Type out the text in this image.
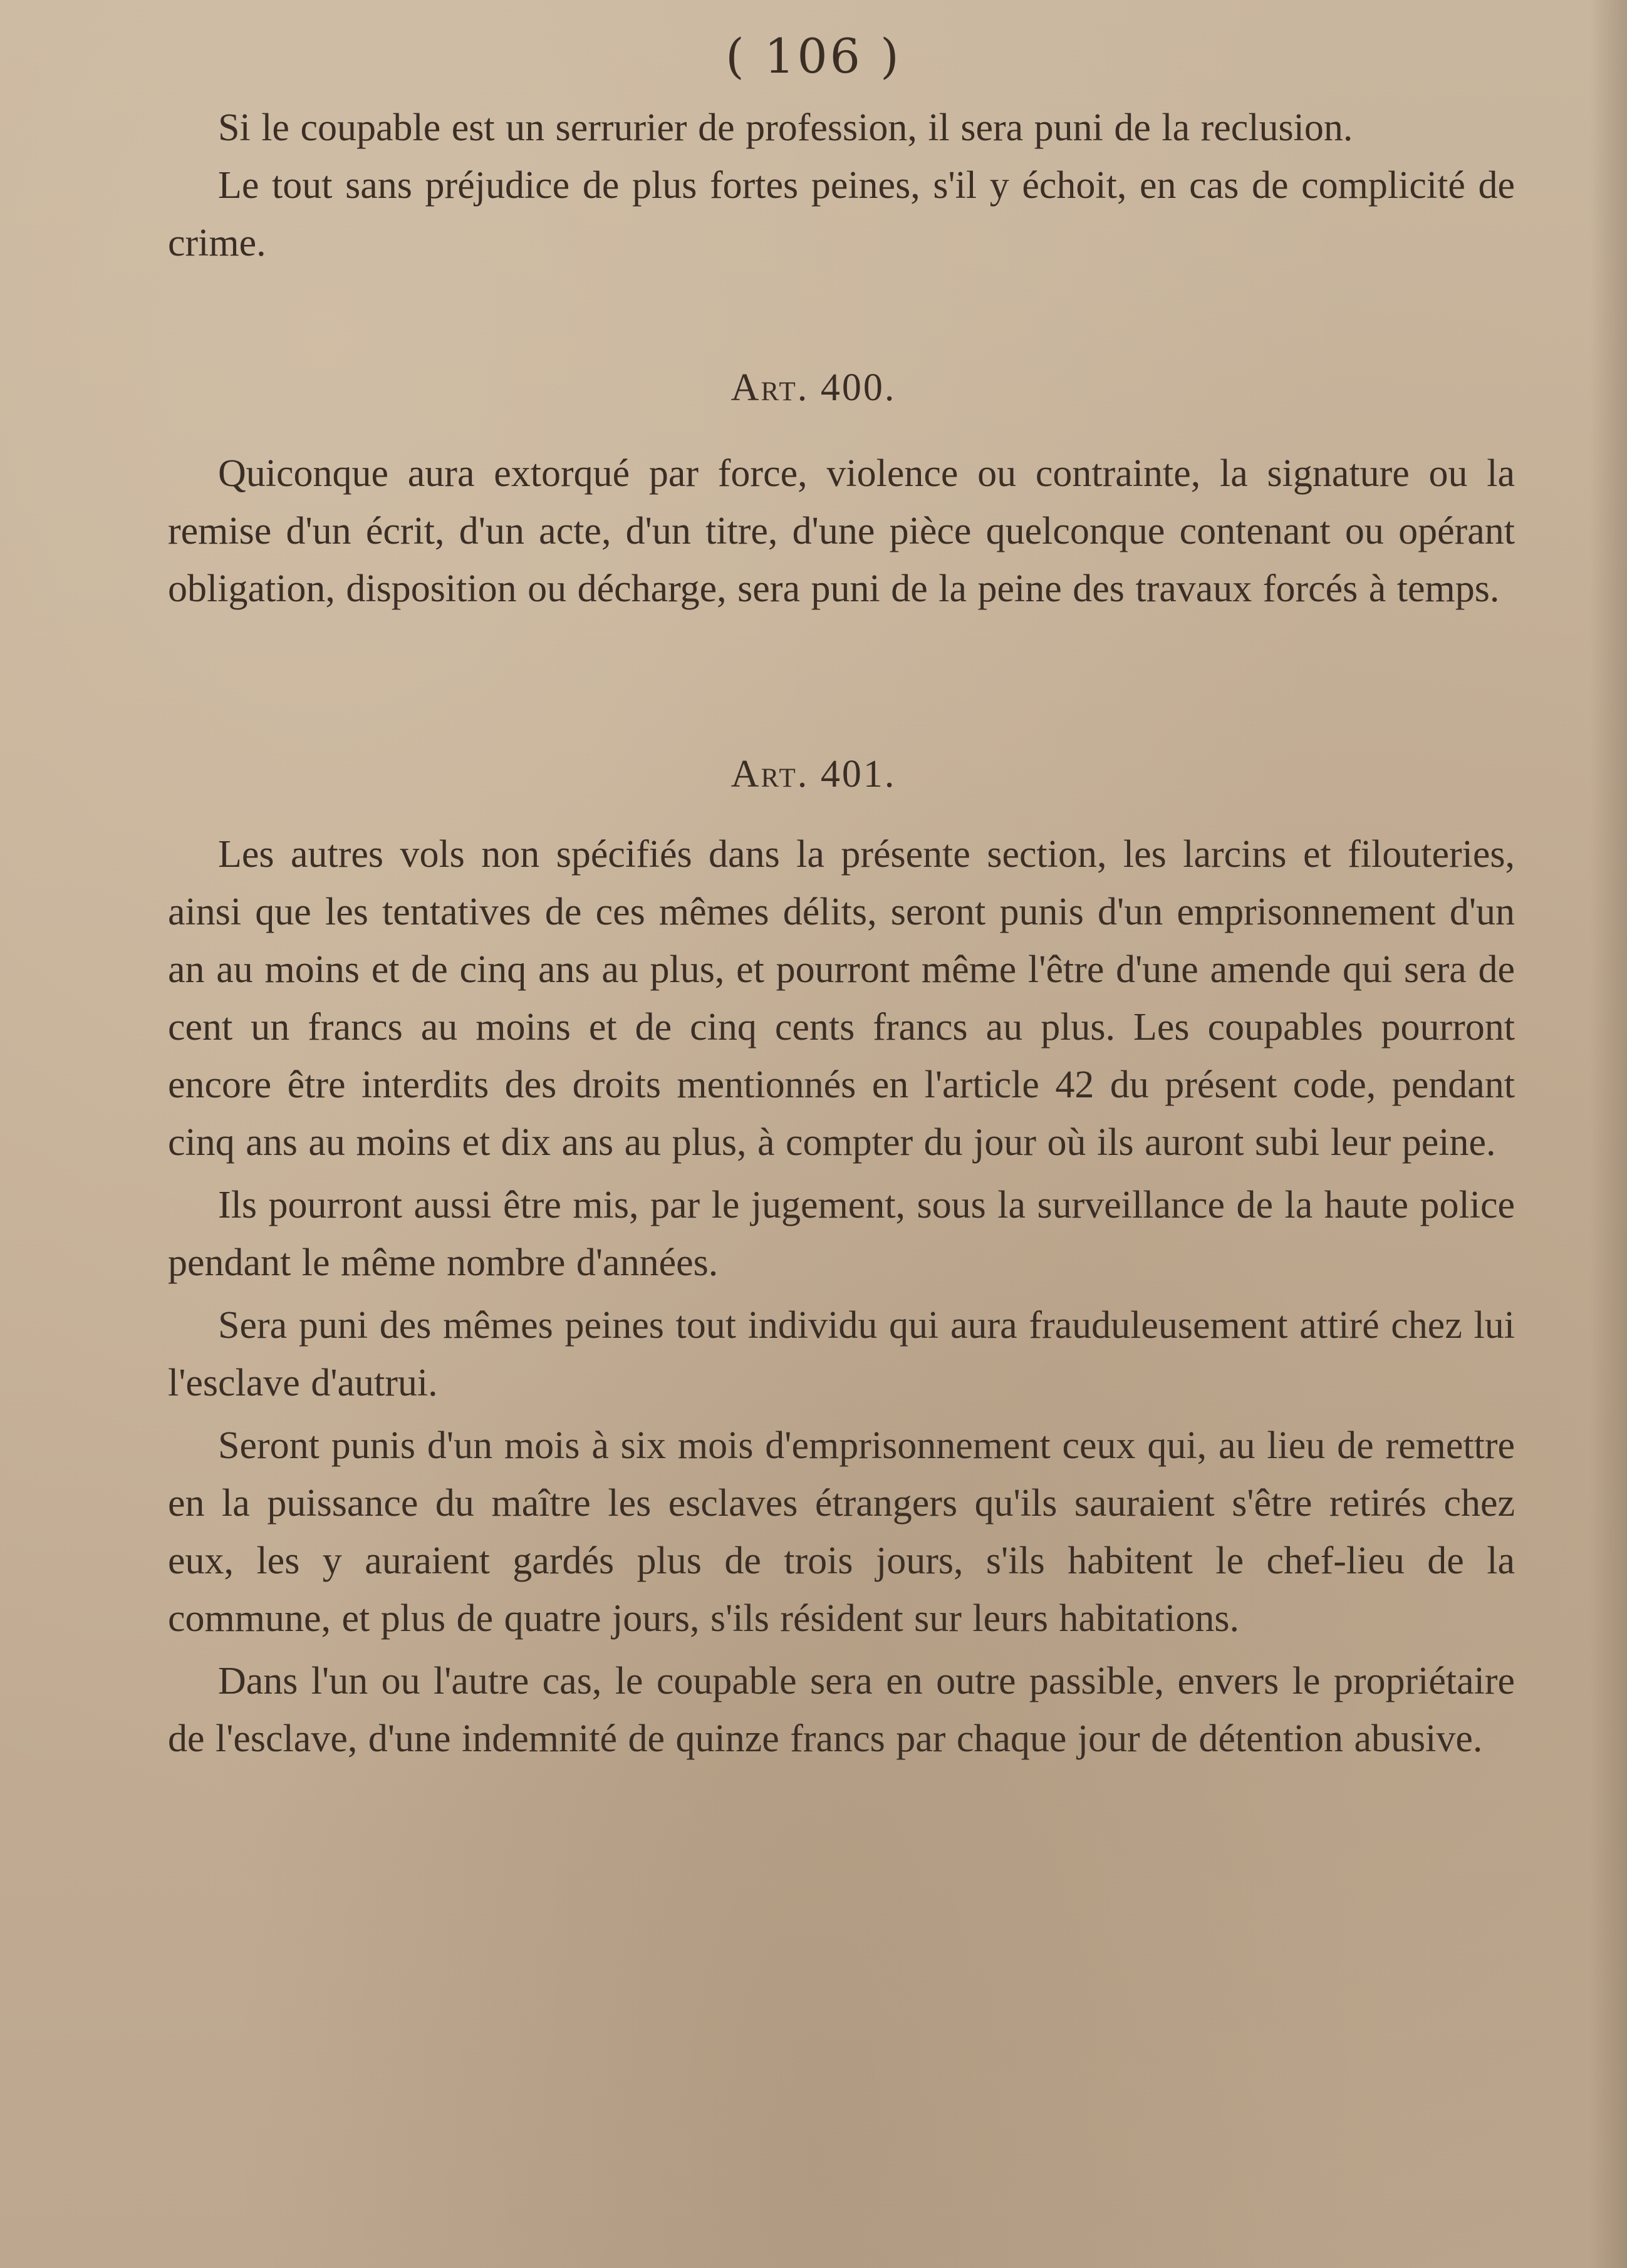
( 106 )

Si le coupable est un serrurier de profession, il sera puni de la reclusion.

Le tout sans préjudice de plus fortes peines, s'il y échoit, en cas de complicité de crime.

Art. 400.

Quiconque aura extorqué par force, violence ou contrainte, la signature ou la remise d'un écrit, d'un acte, d'un titre, d'une pièce quelconque contenant ou opérant obligation, disposition ou décharge, sera puni de la peine des travaux forcés à temps.

Art. 401.

Les autres vols non spécifiés dans la présente section, les larcins et filouteries, ainsi que les tentatives de ces mêmes délits, seront punis d'un emprisonnement d'un an au moins et de cinq ans au plus, et pourront même l'être d'une amende qui sera de cent un francs au moins et de cinq cents francs au plus. Les coupables pourront encore être interdits des droits mentionnés en l'article 42 du présent code, pendant cinq ans au moins et dix ans au plus, à compter du jour où ils auront subi leur peine.

Ils pourront aussi être mis, par le jugement, sous la surveillance de la haute police pendant le même nombre d'années.

Sera puni des mêmes peines tout individu qui aura frauduleusement attiré chez lui l'esclave d'autrui.

Seront punis d'un mois à six mois d'emprisonnement ceux qui, au lieu de remettre en la puissance du maître les esclaves étrangers qu'ils sauraient s'être retirés chez eux, les y auraient gardés plus de trois jours, s'ils habitent le chef-lieu de la commune, et plus de quatre jours, s'ils résident sur leurs habitations.

Dans l'un ou l'autre cas, le coupable sera en outre passible, envers le propriétaire de l'esclave, d'une indemnité de quinze francs par chaque jour de détention abusive.
